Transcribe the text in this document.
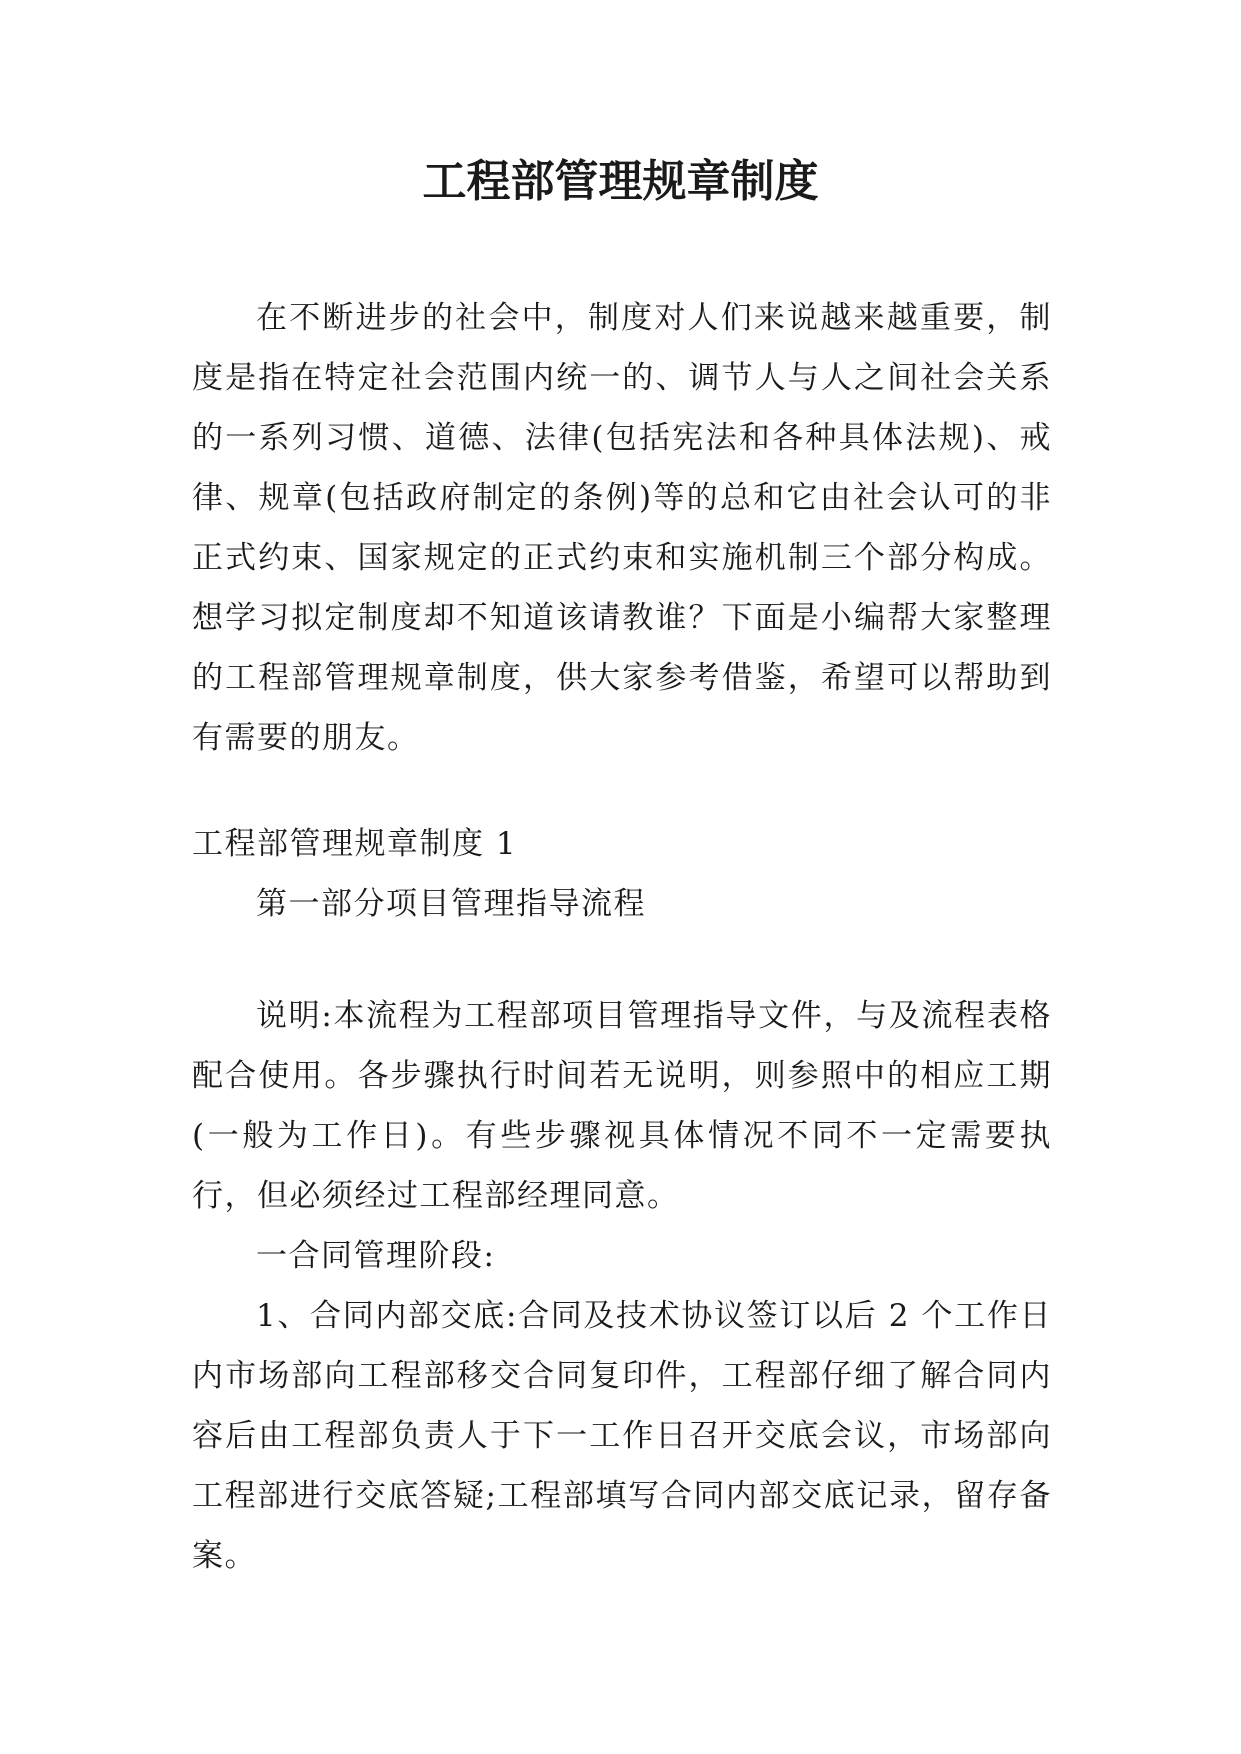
工程部管理规章制度

在不断进步的社会中，制度对人们来说越来越重要，制度是指在特定社会范围内统一的、调节人与人之间社会关系的一系列习惯、道德、法律(包括宪法和各种具体法规)、戒律、规章(包括政府制定的条例)等的总和它由社会认可的非正式约束、国家规定的正式约束和实施机制三个部分构成。想学习拟定制度却不知道该请教谁？下面是小编帮大家整理的工程部管理规章制度，供大家参考借鉴，希望可以帮助到有需要的朋友。

工程部管理规章制度 1

第一部分项目管理指导流程

说明:本流程为工程部项目管理指导文件，与及流程表格配合使用。各步骤执行时间若无说明，则参照中的相应工期(一般为工作日)。有些步骤视具体情况不同不一定需要执行，但必须经过工程部经理同意。

一合同管理阶段:

1、合同内部交底:合同及技术协议签订以后 2 个工作日内市场部向工程部移交合同复印件，工程部仔细了解合同内容后由工程部负责人于下一工作日召开交底会议，市场部向工程部进行交底答疑;工程部填写合同内部交底记录，留存备案。
